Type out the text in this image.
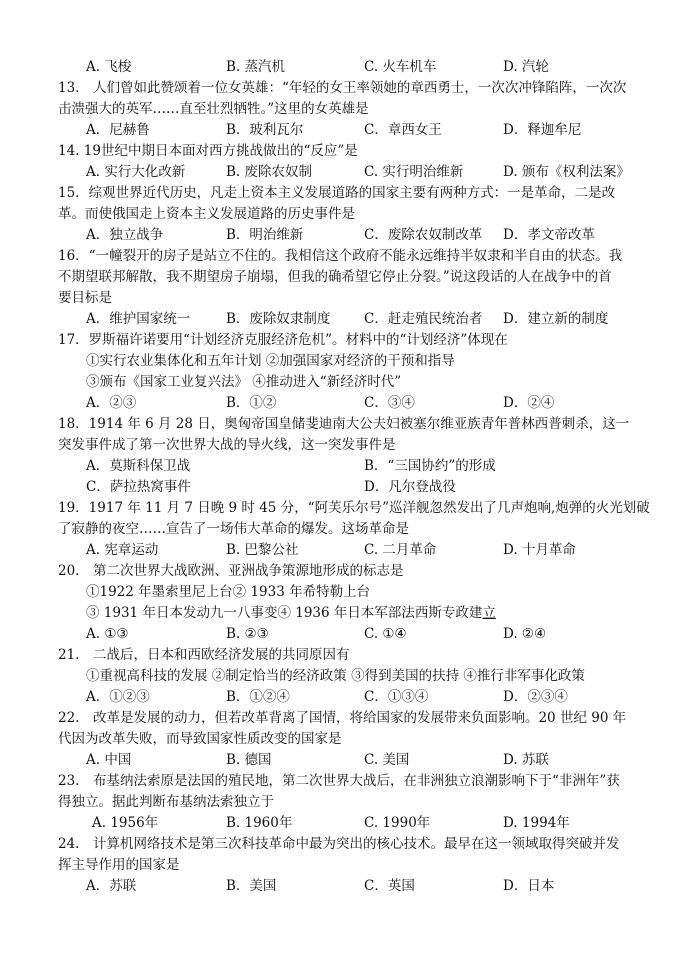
A. 飞梭	B. 蒸汽机	C. 火车机车	D. 汽轮
13.　人们曾如此赞颂着一位女英雄：“年轻的女王率领她的章西勇士，一次次冲锋陷阵，一次次
击溃强大的英军……直至壮烈牺牲。”这里的女英雄是
A．尼赫鲁	B．玻利瓦尔	C．章西女王	D．释迦牟尼
14. 19世纪中期日本面对西方挑战做出的“反应”是
A. 实行大化改新	B. 废除农奴制	C. 实行明治维新	D. 颁布《权利法案》
15．综观世界近代历史，凡走上资本主义发展道路的国家主要有两种方式：一是革命，二是改
革。而使俄国走上资本主义发展道路的历史事件是
A．独立战争	B．明治维新	C．废除农奴制改革 D．孝文帝改革
16．“一幢裂开的房子是站立不住的。我相信这个政府不能永远维持半奴隶和半自由的状态。我
不期望联邦解散，我不期望房子崩塌，但我的确希望它停止分裂。”说这段话的人在战争中的首
要目标是
A．维护国家统一	B．废除奴隶制度 C．赶走殖民统治者 D．建立新的制度
17．罗斯福许诺要用“计划经济克服经济危机”。材料中的“计划经济”体现在
①实行农业集体化和五年计划 ②加强国家对经济的干预和指导
③颁布《国家工业复兴法》 ④推动进入“新经济时代”
A．②③	B．①②	C．③④	D．②④
18．1914 年 6 月 28 日，奥匈帝国皇储斐迪南大公夫妇被塞尔维亚族青年普林西普刺杀，这一
突发事件成了第一次世界大战的导火线，这一突发事件是
A．莫斯科保卫战	B．“三国协约”的形成
C．萨拉热窝事件	D．凡尔登战役
19．1917 年 11 月 7 日晚 9 时 45 分，“阿芙乐尔号”巡洋舰忽然发出了几声炮响,炮弹的火光划破
了寂静的夜空……宣告了一场伟大革命的爆发。这场革命是
A. 宪章运动	B. 巴黎公社	C. 二月革命	D. 十月革命
20.　第二次世界大战欧洲、亚洲战争策源地形成的标志是
①1922 年墨索里尼上台② 1933 年希特勒上台
③ 1931 年日本发动九一八事变④ 1936 年日本军部法西斯专政建立
A. ①③	B. ②③	C. ①④	D. ②④
21.　二战后，日本和西欧经济发展的共同原因有
①重视高科技的发展 ②制定恰当的经济政策 ③得到美国的扶持 ④推行非军事化政策
A．①②③	B．①②④	C．①③④	D．②③④
22.　改革是发展的动力，但若改革背离了国情，将给国家的发展带来负面影响。20 世纪 90 年
代因为改革失败，而导致国家性质改变的国家是
A. 中国	B. 德国	C. 美国	D. 苏联
23.　布基纳法索原是法国的殖民地，第二次世界大战后，在非洲独立浪潮影响下于“非洲年”获
得独立。据此判断布基纳法索独立于
A. 1956年	B. 1960年	C. 1990年	D. 1994年
24.　计算机网络技术是第三次科技革命中最为突出的核心技术。最早在这一领域取得突破并发
挥主导作用的国家是
A．苏联	B．美国	C．英国	D．日本
